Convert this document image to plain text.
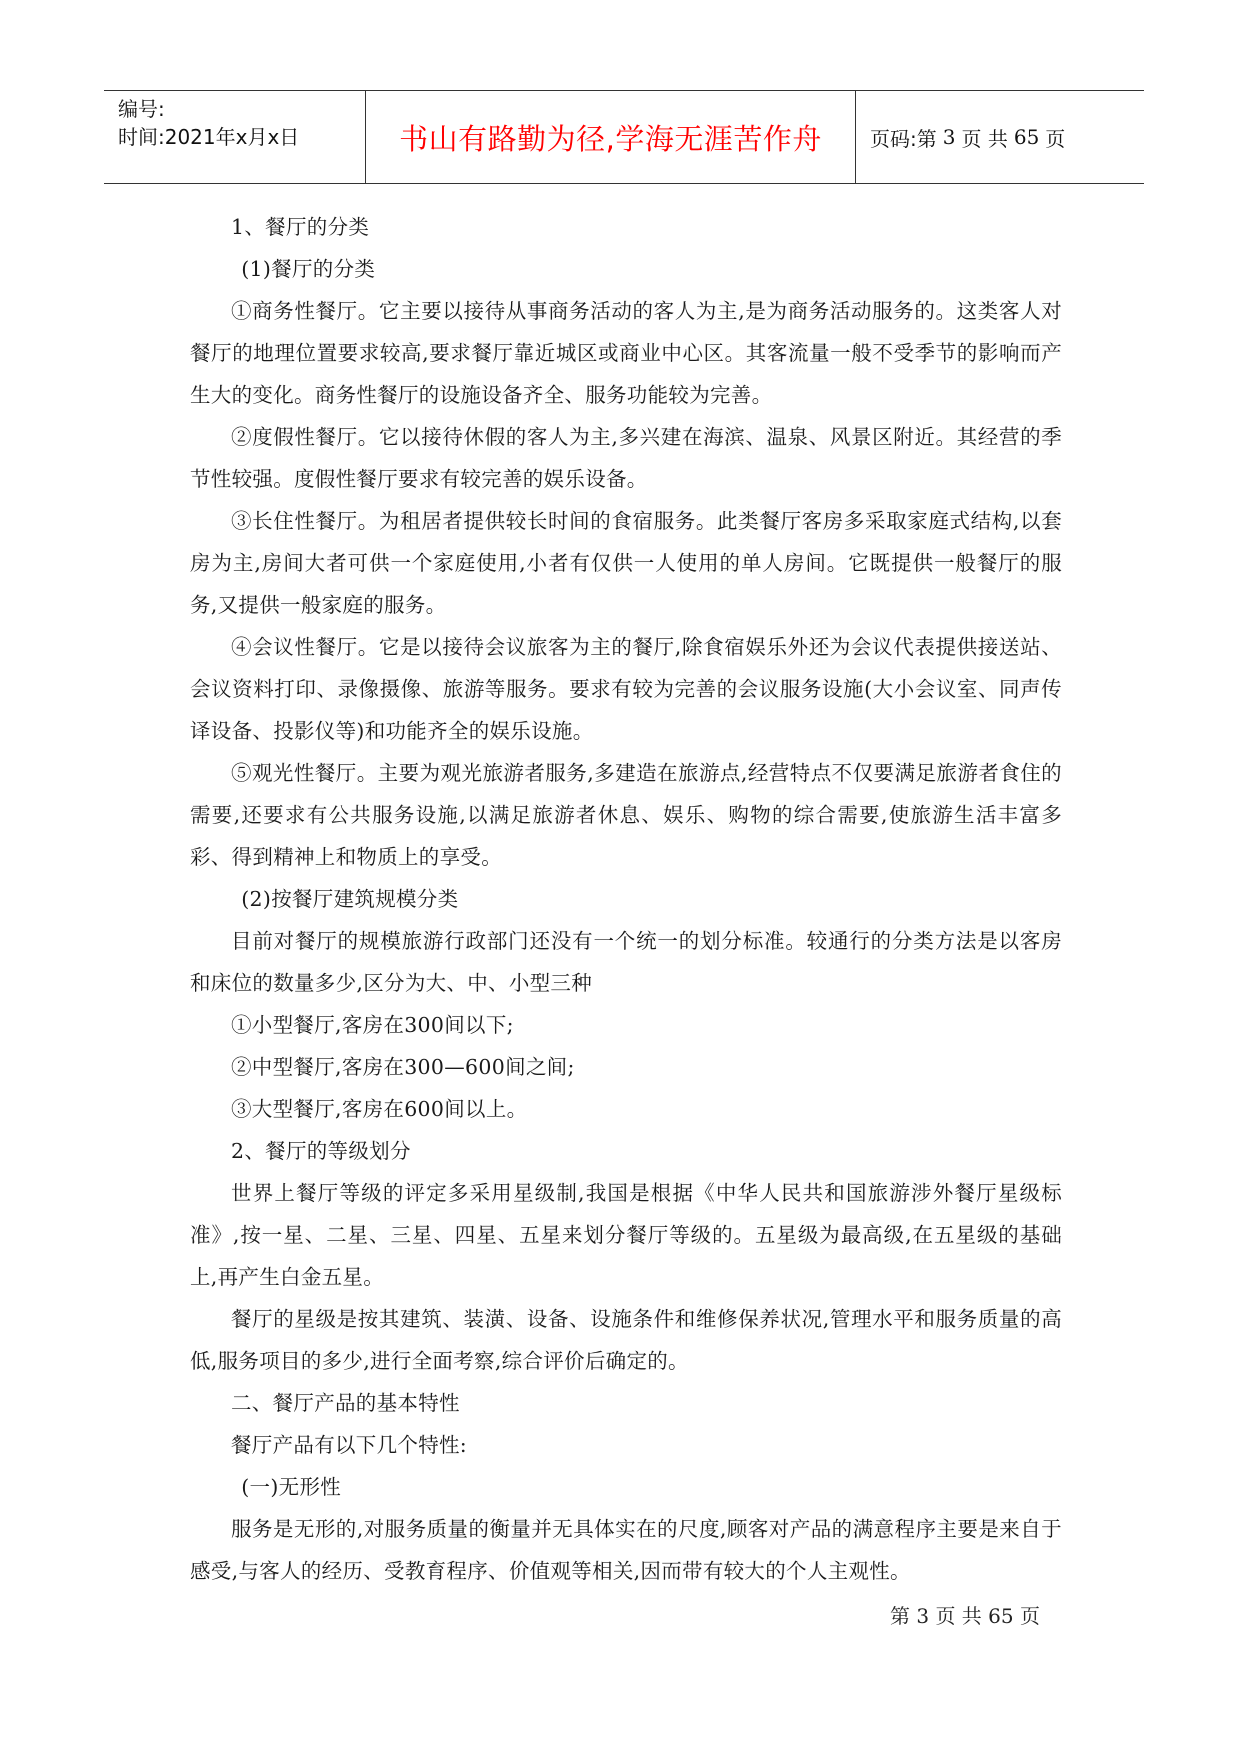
编号:
时间:2021年x月x日	书山有路勤为径,学海无涯苦作舟 页码:第 3 页 共 65 页

1、餐厅的分类

(1)餐厅的分类

①商务性餐厅。它主要以接待从事商务活动的客人为主,是为商务活动服务的。这类客人对餐厅的地理位置要求较高,要求餐厅靠近城区或商业中心区。其客流量一般不受季节的影响而产生大的变化。商务性餐厅的设施设备齐全、服务功能较为完善。

②度假性餐厅。它以接待休假的客人为主,多兴建在海滨、温泉、风景区附近。其经营的季节性较强。度假性餐厅要求有较完善的娱乐设备。

③长住性餐厅。为租居者提供较长时间的食宿服务。此类餐厅客房多采取家庭式结构,以套房为主,房间大者可供一个家庭使用,小者有仅供一人使用的单人房间。它既提供一般餐厅的服务,又提供一般家庭的服务。

④会议性餐厅。它是以接待会议旅客为主的餐厅,除食宿娱乐外还为会议代表提供接送站、会议资料打印、录像摄像、旅游等服务。要求有较为完善的会议服务设施(大小会议室、同声传译设备、投影仪等)和功能齐全的娱乐设施。

⑤观光性餐厅。主要为观光旅游者服务,多建造在旅游点,经营特点不仅要满足旅游者食住的需要,还要求有公共服务设施,以满足旅游者休息、娱乐、购物的综合需要,使旅游生活丰富多彩、得到精神上和物质上的享受。

(2)按餐厅建筑规模分类

目前对餐厅的规模旅游行政部门还没有一个统一的划分标准。较通行的分类方法是以客房和床位的数量多少,区分为大、中、小型三种

①小型餐厅,客房在300间以下;

②中型餐厅,客房在300—600间之间;

③大型餐厅,客房在600间以上。

2、餐厅的等级划分

世界上餐厅等级的评定多采用星级制,我国是根据《中华人民共和国旅游涉外餐厅星级标准》,按一星、二星、三星、四星、五星来划分餐厅等级的。五星级为最高级,在五星级的基础上,再产生白金五星。

餐厅的星级是按其建筑、装潢、设备、设施条件和维修保养状况,管理水平和服务质量的高低,服务项目的多少,进行全面考察,综合评价后确定的。

二、餐厅产品的基本特性

餐厅产品有以下几个特性:

(一)无形性

服务是无形的,对服务质量的衡量并无具体实在的尺度,顾客对产品的满意程序主要是来自于感受,与客人的经历、受教育程序、价值观等相关,因而带有较大的个人主观性。

第 3 页 共 65 页
